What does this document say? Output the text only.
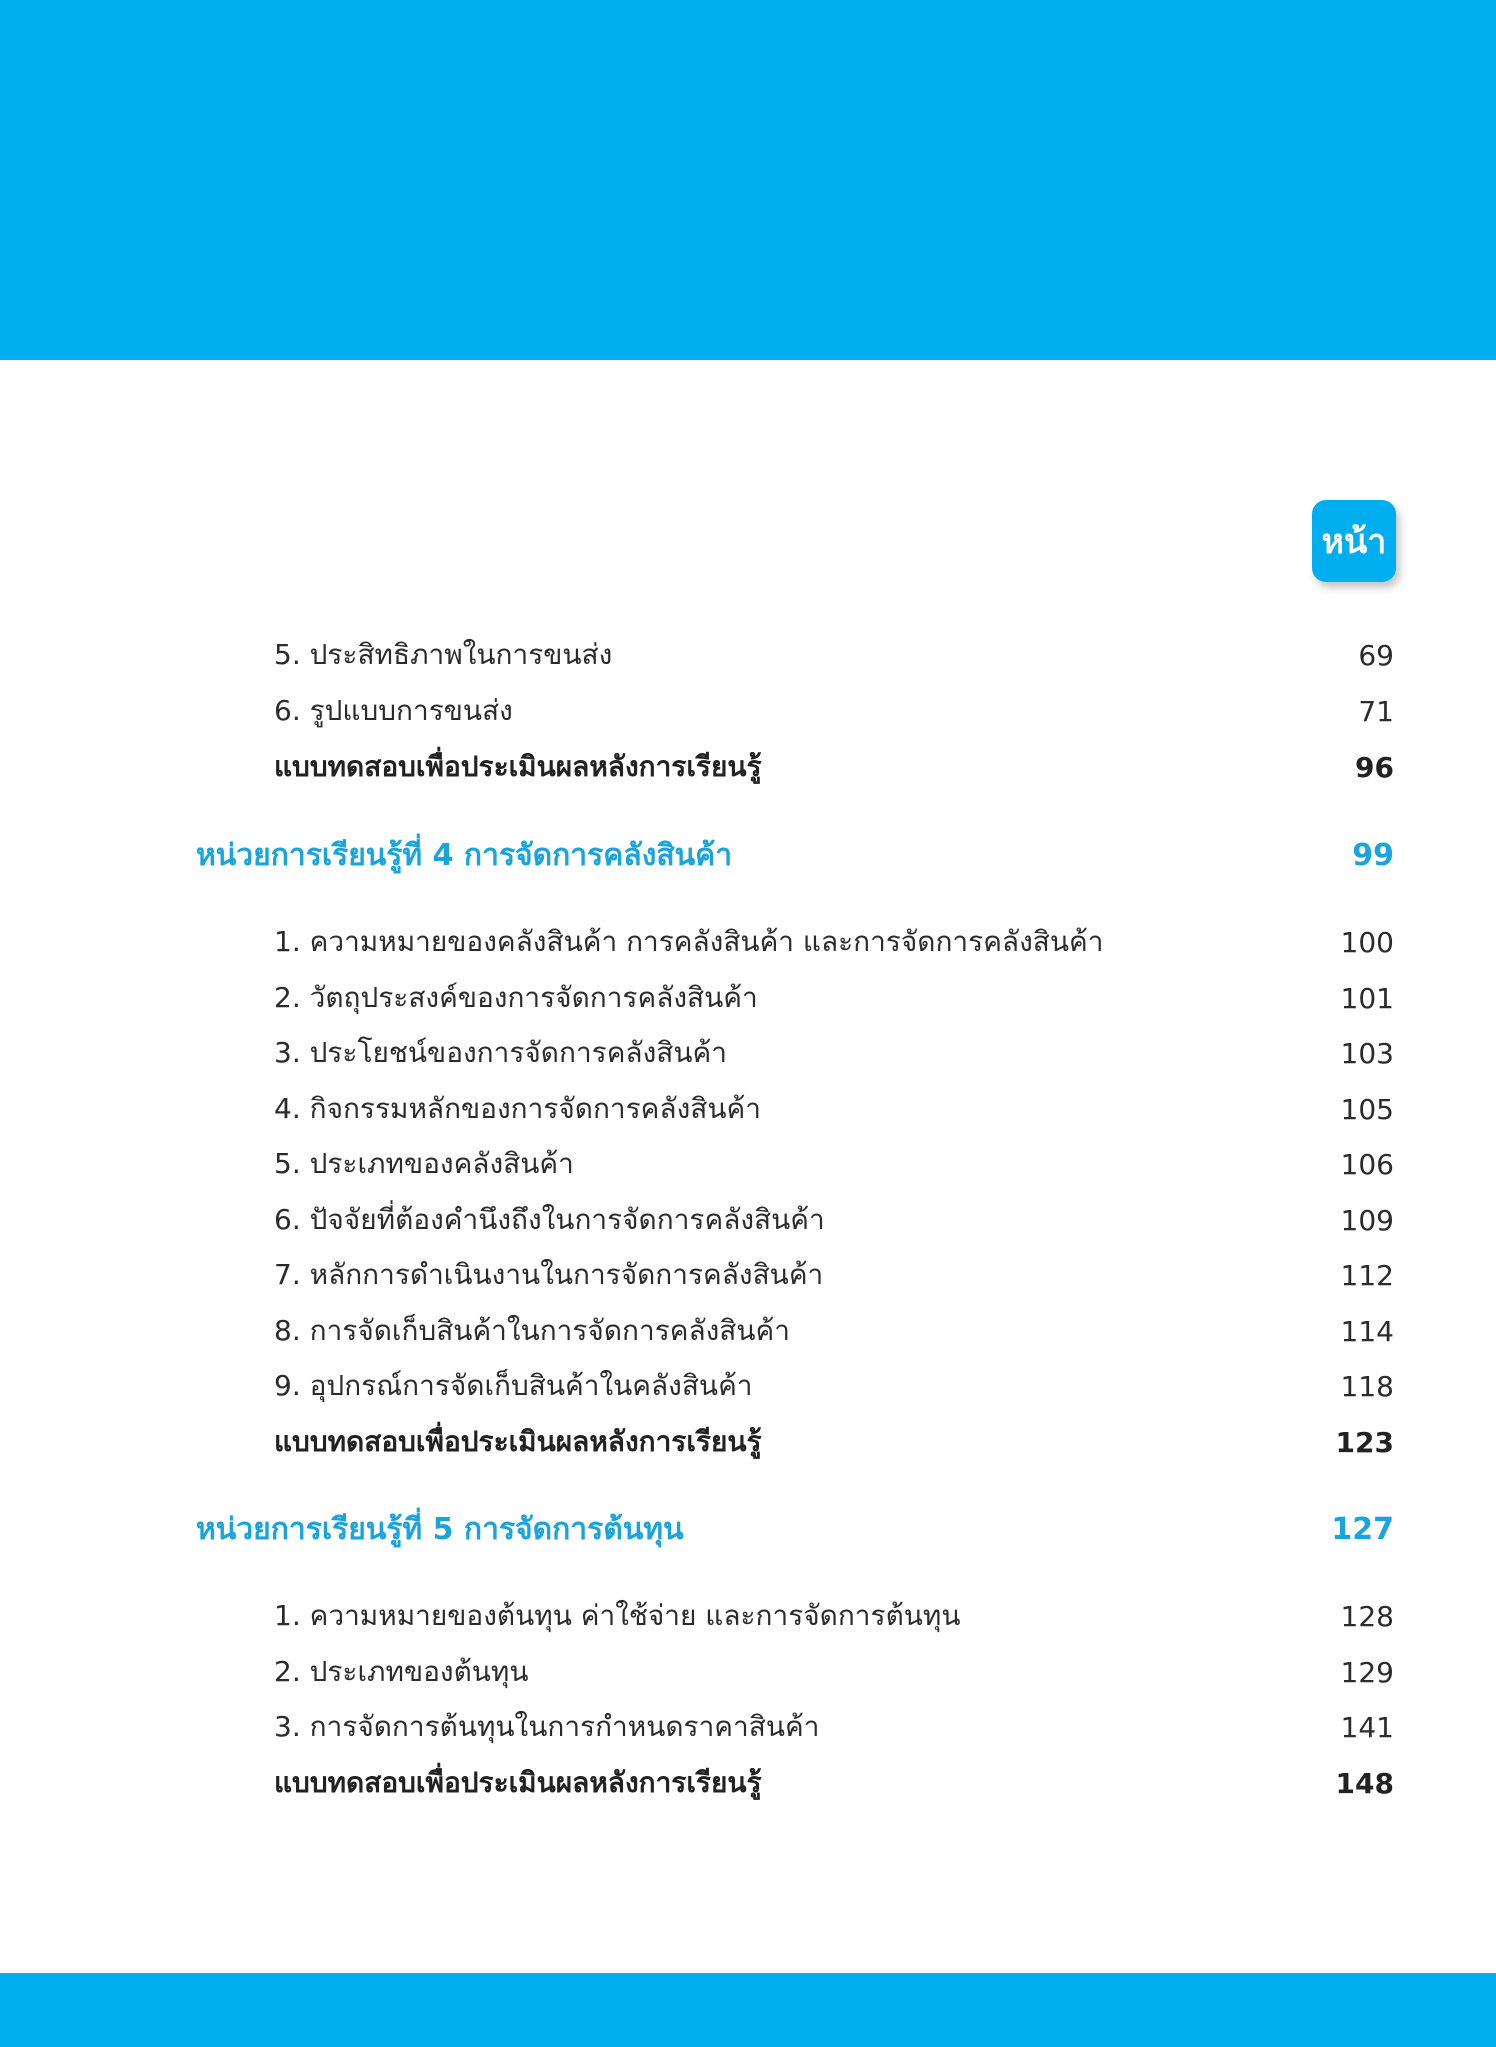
หน้า
5. ประสิทธิภาพในการขนส่ง	69
6. รูปแบบการขนส่ง	71
แบบทดสอบเพื่อประเมินผลหลังการเรียนรู้	96
หน่วยการเรียนรู้ที่ 4 การจัดการคลังสินค้า	99
1. ความหมายของคลังสินค้า การคลังสินค้า และการจัดการคลังสินค้า	100
2. วัตถุประสงค์ของการจัดการคลังสินค้า	101
3. ประโยชน์ของการจัดการคลังสินค้า	103
4. กิจกรรมหลักของการจัดการคลังสินค้า	105
5. ประเภทของคลังสินค้า	106
6. ปัจจัยที่ต้องคำนึงถึงในการจัดการคลังสินค้า	109
7. หลักการดำเนินงานในการจัดการคลังสินค้า	112
8. การจัดเก็บสินค้าในการจัดการคลังสินค้า	114
9. อุปกรณ์การจัดเก็บสินค้าในคลังสินค้า	118
แบบทดสอบเพื่อประเมินผลหลังการเรียนรู้	123
หน่วยการเรียนรู้ที่ 5 การจัดการต้นทุน	127
1. ความหมายของต้นทุน ค่าใช้จ่าย และการจัดการต้นทุน	128
2. ประเภทของต้นทุน	129
3. การจัดการต้นทุนในการกำหนดราคาสินค้า	141
แบบทดสอบเพื่อประเมินผลหลังการเรียนรู้	148
